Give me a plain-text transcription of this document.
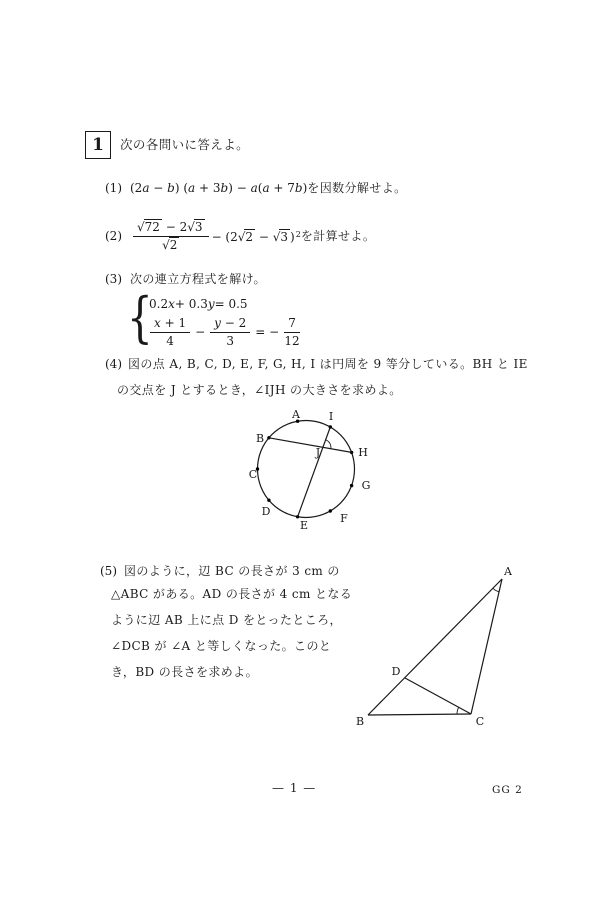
1 次の各問いに答えよ。
(1) (2a − b) (a + 3b) − a(a + 7b) を因数分解せよ。
$(2) \frac{√72 - 2√3}{√2} - (2√2 - √3$ )$^2$ を計算せよ。
(3) 次の連立方程式を解け。
{
0.2 x + 0.3 y = 0.5
$\frac{x + 1}{4} - \frac{y - 2}{3}$ = − $\frac{7}{12}$
(4) 図の点 A, B, C, D, E, F, G, H, I は円周を 9 等分している。BH と IE
の交点を J とするとき，∠IJH の大きさを求めよ。
A
B
C
D
E
F
G
H
I
J
(5) 図のように，辺 BC の長さが 3 cm の
△ABC がある。AD の長さが 4 cm となる
ように辺 AB 上に点 D をとったところ，
∠DCB が ∠A と等しくなった。このと
き，BD の長さを求めよ。
A
B	C
D
— 1 —	GG 2
